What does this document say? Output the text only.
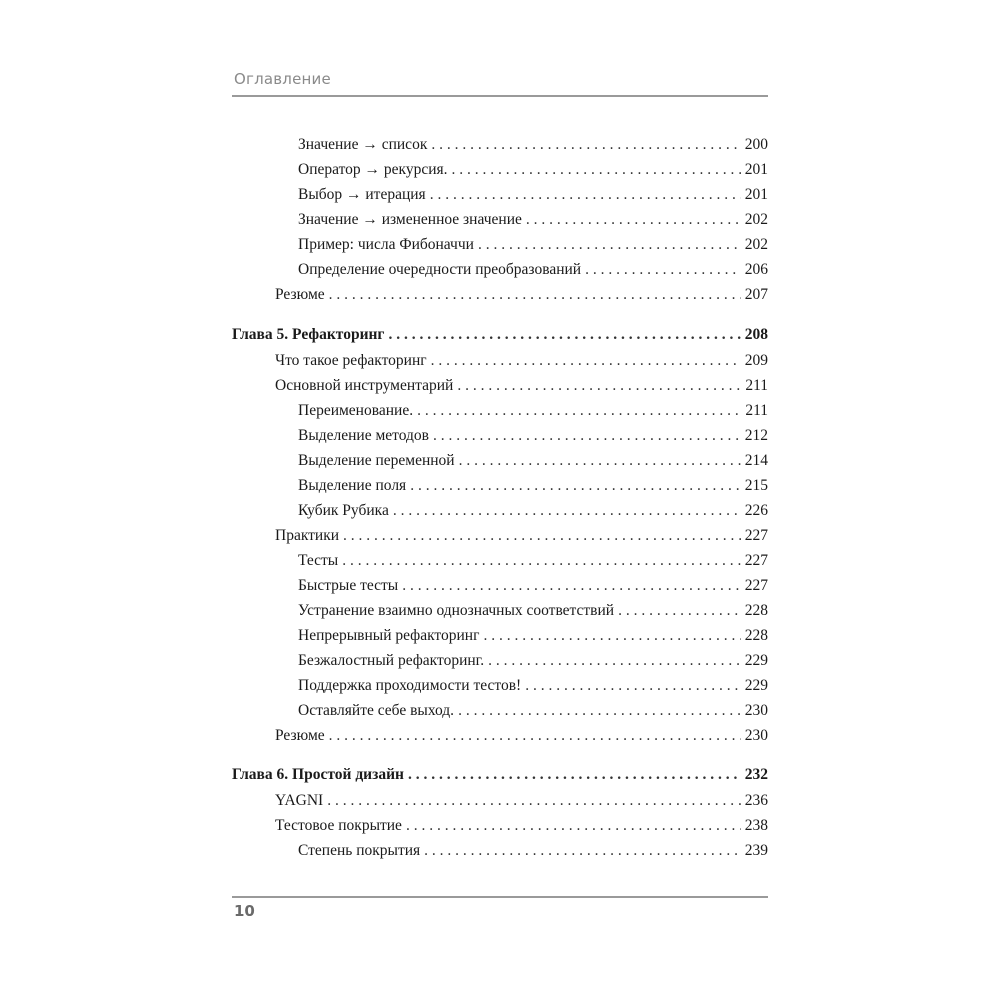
Оглавление
Значение → список . . .	200
Оператор → рекурсия. . . .	201
Выбор → итерация . . .	201
Значение → измененное значение . . .	202
Пример: числа Фибоначчи . . .	202
Определение очередности преобразований . . .	206
Резюме . . .	207
Глава 5. Рефакторинг . . .	208
Что такое рефакторинг . . .	209
Основной инструментарий . . .	211
Переименование. . . .	211
Выделение методов . . .	212
Выделение переменной . . .	214
Выделение поля . . .	215
Кубик Рубика . . .	226
Практики . . .	227
Тесты . . .	227
Быстрые тесты . . .	227
Устранение взаимно однозначных соответствий . . .	228
Непрерывный рефакторинг . . .	228
Безжалостный рефакторинг. . . .	229
Поддержка проходимости тестов! . . .	229
Оставляйте себе выход. . . .	230
Резюме . . .	230
Глава 6. Простой дизайн . . .	232
YAGNI . . .	236
Тестовое покрытие . . .	238
Степень покрытия . . .	239
10
